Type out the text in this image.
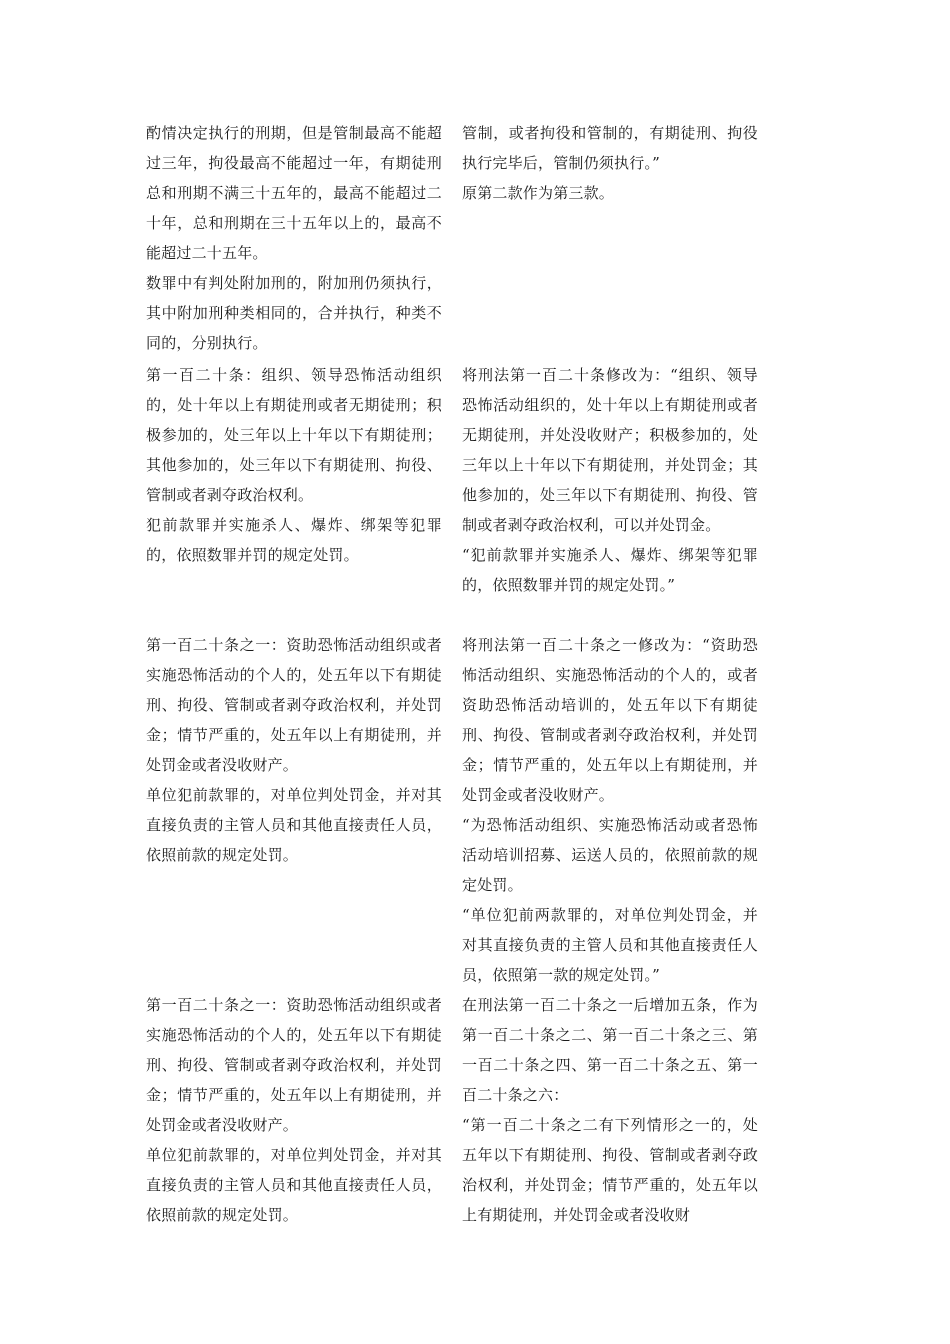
酌情决定执行的刑期，但是管制最高不能超过三年，拘役最高不能超过一年，有期徒刑总和刑期不满三十五年的，最高不能超过二十年，总和刑期在三十五年以上的，最高不能超过二十五年。

数罪中有判处附加刑的，附加刑仍须执行，其中附加刑种类相同的，合并执行，种类不同的，分别执行。

管制，或者拘役和管制的，有期徒刑、拘役执行完毕后，管制仍须执行。”

原第二款作为第三款。

第一百二十条：组织、领导恐怖活动组织的，处十年以上有期徒刑或者无期徒刑；积极参加的，处三年以上十年以下有期徒刑；其他参加的，处三年以下有期徒刑、拘役、管制或者剥夺政治权利。

犯前款罪并实施杀人、爆炸、绑架等犯罪的，依照数罪并罚的规定处罚。

将刑法第一百二十条修改为：“组织、领导恐怖活动组织的，处十年以上有期徒刑或者无期徒刑，并处没收财产；积极参加的，处三年以上十年以下有期徒刑，并处罚金；其他参加的，处三年以下有期徒刑、拘役、管制或者剥夺政治权利，可以并处罚金。

“犯前款罪并实施杀人、爆炸、绑架等犯罪的，依照数罪并罚的规定处罚。”

第一百二十条之一：资助恐怖活动组织或者实施恐怖活动的个人的，处五年以下有期徒刑、拘役、管制或者剥夺政治权利，并处罚金；情节严重的，处五年以上有期徒刑，并处罚金或者没收财产。

单位犯前款罪的，对单位判处罚金，并对其直接负责的主管人员和其他直接责任人员，依照前款的规定处罚。

将刑法第一百二十条之一修改为：“资助恐怖活动组织、实施恐怖活动的个人的，或者资助恐怖活动培训的，处五年以下有期徒刑、拘役、管制或者剥夺政治权利，并处罚金；情节严重的，处五年以上有期徒刑，并处罚金或者没收财产。

“为恐怖活动组织、实施恐怖活动或者恐怖活动培训招募、运送人员的，依照前款的规定处罚。

“单位犯前两款罪的，对单位判处罚金，并对其直接负责的主管人员和其他直接责任人员，依照第一款的规定处罚。”

第一百二十条之一：资助恐怖活动组织或者实施恐怖活动的个人的，处五年以下有期徒刑、拘役、管制或者剥夺政治权利，并处罚金；情节严重的，处五年以上有期徒刑，并处罚金或者没收财产。

单位犯前款罪的，对单位判处罚金，并对其直接负责的主管人员和其他直接责任人员，依照前款的规定处罚。

在刑法第一百二十条之一后增加五条，作为第一百二十条之二、第一百二十条之三、第一百二十条之四、第一百二十条之五、第一百二十条之六：

“第一百二十条之二有下列情形之一的，处五年以下有期徒刑、拘役、管制或者剥夺政治权利，并处罚金；情节严重的，处五年以上有期徒刑，并处罚金或者没收财
